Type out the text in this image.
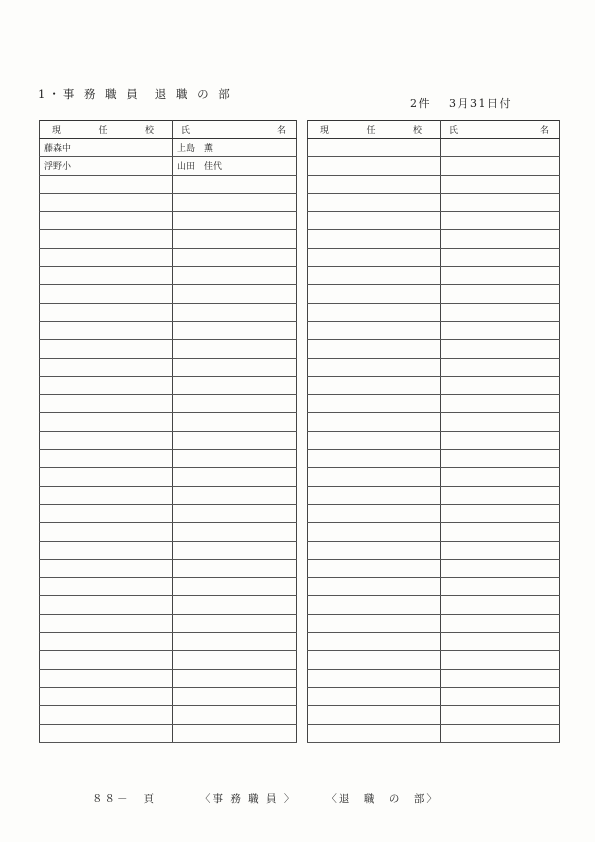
1・事 務 職 員 退 職 の 部
2件 3月31日付
現 任 校	氏 名

藤森中	上島　薫
浮野小	山田　佳代

現 任 校	氏 名

８８－ 頁	〈事 務 職 員 〉	〈退　職　の　部〉
